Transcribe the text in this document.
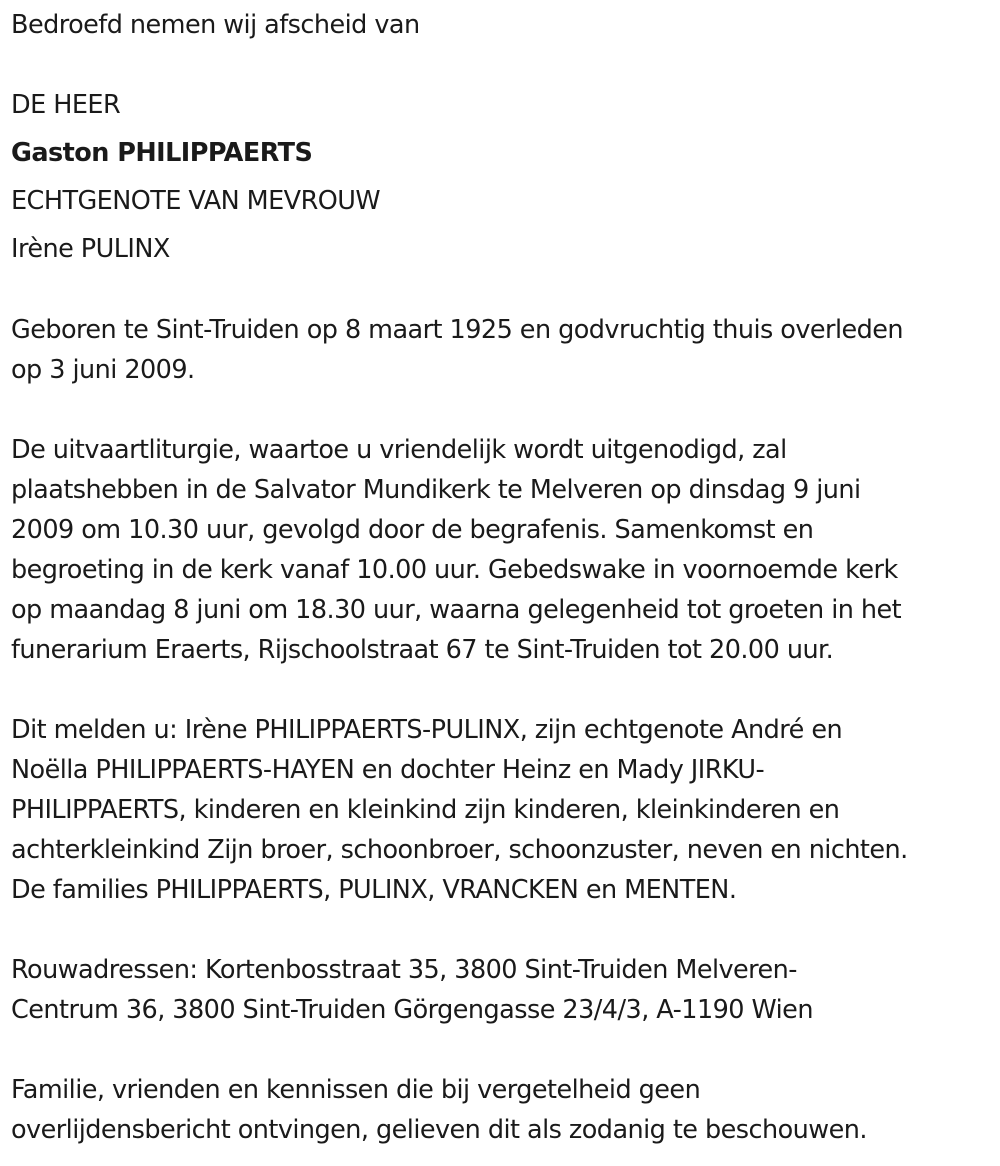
Bedroefd nemen wij afscheid van
DE HEER
Gaston PHILIPPAERTS
ECHTGENOTE VAN MEVROUW
Irène PULINX
Geboren te Sint-Truiden op 8 maart 1925 en godvruchtig thuis overleden
op 3 juni 2009.
De uitvaartliturgie, waartoe u vriendelijk wordt uitgenodigd, zal
plaatshebben in de Salvator Mundikerk te Melveren op dinsdag 9 juni
2009 om 10.30 uur, gevolgd door de begrafenis. Samenkomst en
begroeting in de kerk vanaf 10.00 uur. Gebedswake in voornoemde kerk
op maandag 8 juni om 18.30 uur, waarna gelegenheid tot groeten in het
funerarium Eraerts, Rijschoolstraat 67 te Sint-Truiden tot 20.00 uur.
Dit melden u: Irène PHILIPPAERTS-PULINX, zijn echtgenote André en
Noëlla PHILIPPAERTS-HAYEN en dochter Heinz en Mady JIRKU-
PHILIPPAERTS, kinderen en kleinkind zijn kinderen, kleinkinderen en
achterkleinkind Zijn broer, schoonbroer, schoonzuster, neven en nichten.
De families PHILIPPAERTS, PULINX, VRANCKEN en MENTEN.
Rouwadressen: Kortenbosstraat 35, 3800 Sint-Truiden Melveren-
Centrum 36, 3800 Sint-Truiden Görgengasse 23/4/3, A-1190 Wien
Familie, vrienden en kennissen die bij vergetelheid geen
overlijdensbericht ontvingen, gelieven dit als zodanig te beschouwen.
